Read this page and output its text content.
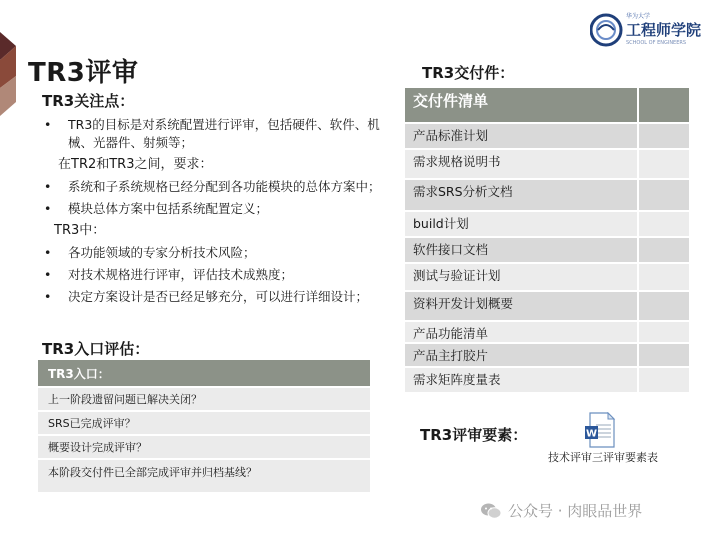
TR3评审
华为大学
工程师学院
SCHOOL OF ENGINEERS
TR3关注点：
•	TR3的目标是对系统配置进行评审，包括硬件、软件、机械、光器件、射频等；
在TR2和TR3之间，要求：
•	系统和子系统规格已经分配到各功能模块的总体方案中；
•	模块总体方案中包括系统配置定义；
TR3中：
•	各功能领域的专家分析技术风险；
•	对技术规格进行评审，评估技术成熟度；
•	决定方案设计是否已经足够充分，可以进行详细设计；
TR3入口评估：
TR3入口：
上一阶段遗留问题已解决关闭？
SRS已完成评审？
概要设计完成评审？
本阶段交付件已全部完成评审并归档基线？
TR3交付件：
交付件清单
产品标准计划
需求规格说明书
需求SRS分析文档
build计划
软件接口文档
测试与验证计划
资料开发计划概要
产品功能清单
产品主打胶片
需求矩阵度量表
TR3评审要素：	W
技术评审三评审要素表
公众号 · 肉眼品世界
